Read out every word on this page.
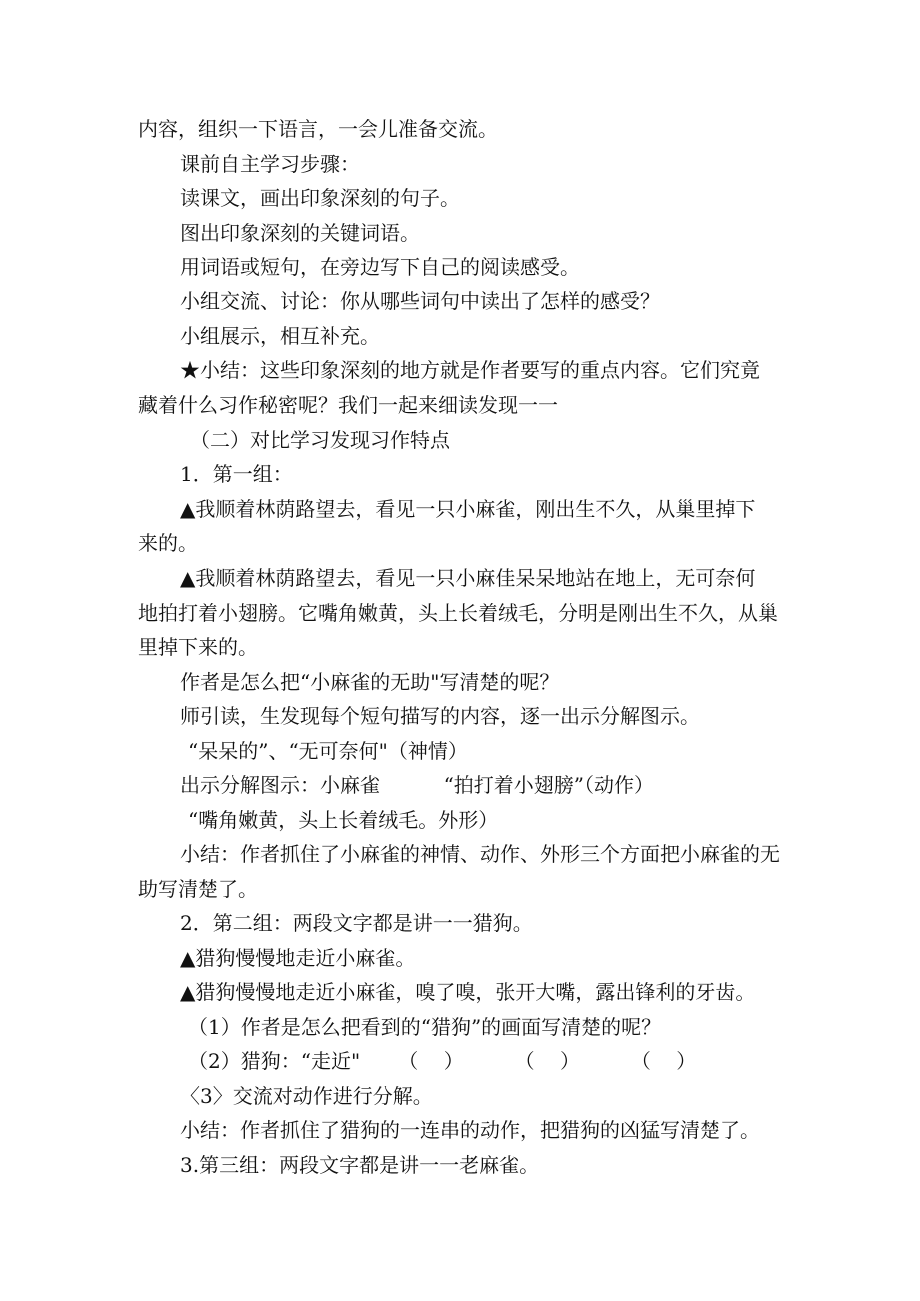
内容，组织一下语言，一会儿准备交流。
课前自主学习步骤：
读课文，画出印象深刻的句子。
图出印象深刻的关键词语。
用词语或短句，在旁边写下自己的阅读感受。
小组交流、讨论：你从哪些词句中读出了怎样的感受？
小组展示，相互补充。
★小结：这些印象深刻的地方就是作者要写的重点内容。它们究竟
藏着什么习作秘密呢？我们一起来细读发现一一
（二）对比学习发现习作特点
1．第一组：
▲我顺着林荫路望去，看见一只小麻雀，刚出生不久，从巢里掉下
来的。
▲我顺着林荫路望去，看见一只小麻佳呆呆地站在地上，无可奈何
地拍打着小翅膀。它嘴角嫩黄，头上长着绒毛，分明是刚出生不久，从巢
里掉下来的。
作者是怎么把“小麻雀的无助"写清楚的呢？
师引读，生发现每个短句描写的内容，逐一出示分解图示。
“呆呆的”、“无可奈何"（神情）
出示分解图示：小麻雀          “拍打着小翅膀”（动作）
“嘴角嫩黄，头上长着绒毛。外形）
小结：作者抓住了小麻雀的神情、动作、外形三个方面把小麻雀的无
助写清楚了。
2．第二组：两段文字都是讲一一猎狗。
▲猎狗慢慢地走近小麻雀。
▲猎狗慢慢地走近小麻雀，嗅了嗅，张开大嘴，露出锋利的牙齿。
（1）作者是怎么把看到的“猎狗”的画面写清楚的呢？
（2）猎狗：“走近"      （    ）        （    ）        （    ）
〈3〉交流对动作进行分解。
小结：作者抓住了猎狗的一连串的动作，把猎狗的凶猛写清楚了。
3.第三组：两段文字都是讲一一老麻雀。
